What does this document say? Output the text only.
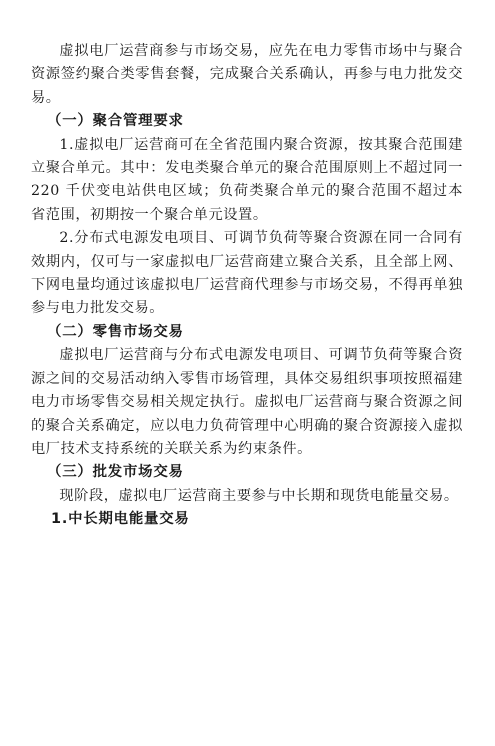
虚拟电厂运营商参与市场交易，应先在电力零售市场中与聚合资源签约聚合类零售套餐，完成聚合关系确认，再参与电力批发交易。

（一）聚合管理要求

1.虚拟电厂运营商可在全省范围内聚合资源，按其聚合范围建立聚合单元。其中：发电类聚合单元的聚合范围原则上不超过同一 220 千伏变电站供电区域；负荷类聚合单元的聚合范围不超过本省范围，初期按一个聚合单元设置。

2.分布式电源发电项目、可调节负荷等聚合资源在同一合同有效期内，仅可与一家虚拟电厂运营商建立聚合关系，且全部上网、下网电量均通过该虚拟电厂运营商代理参与市场交易，不得再单独参与电力批发交易。

（二）零售市场交易

虚拟电厂运营商与分布式电源发电项目、可调节负荷等聚合资源之间的交易活动纳入零售市场管理，具体交易组织事项按照福建电力市场零售交易相关规定执行。虚拟电厂运营商与聚合资源之间的聚合关系确定，应以电力负荷管理中心明确的聚合资源接入虚拟电厂技术支持系统的关联关系为约束条件。

（三）批发市场交易

现阶段，虚拟电厂运营商主要参与中长期和现货电能量交易。

1.中长期电能量交易
